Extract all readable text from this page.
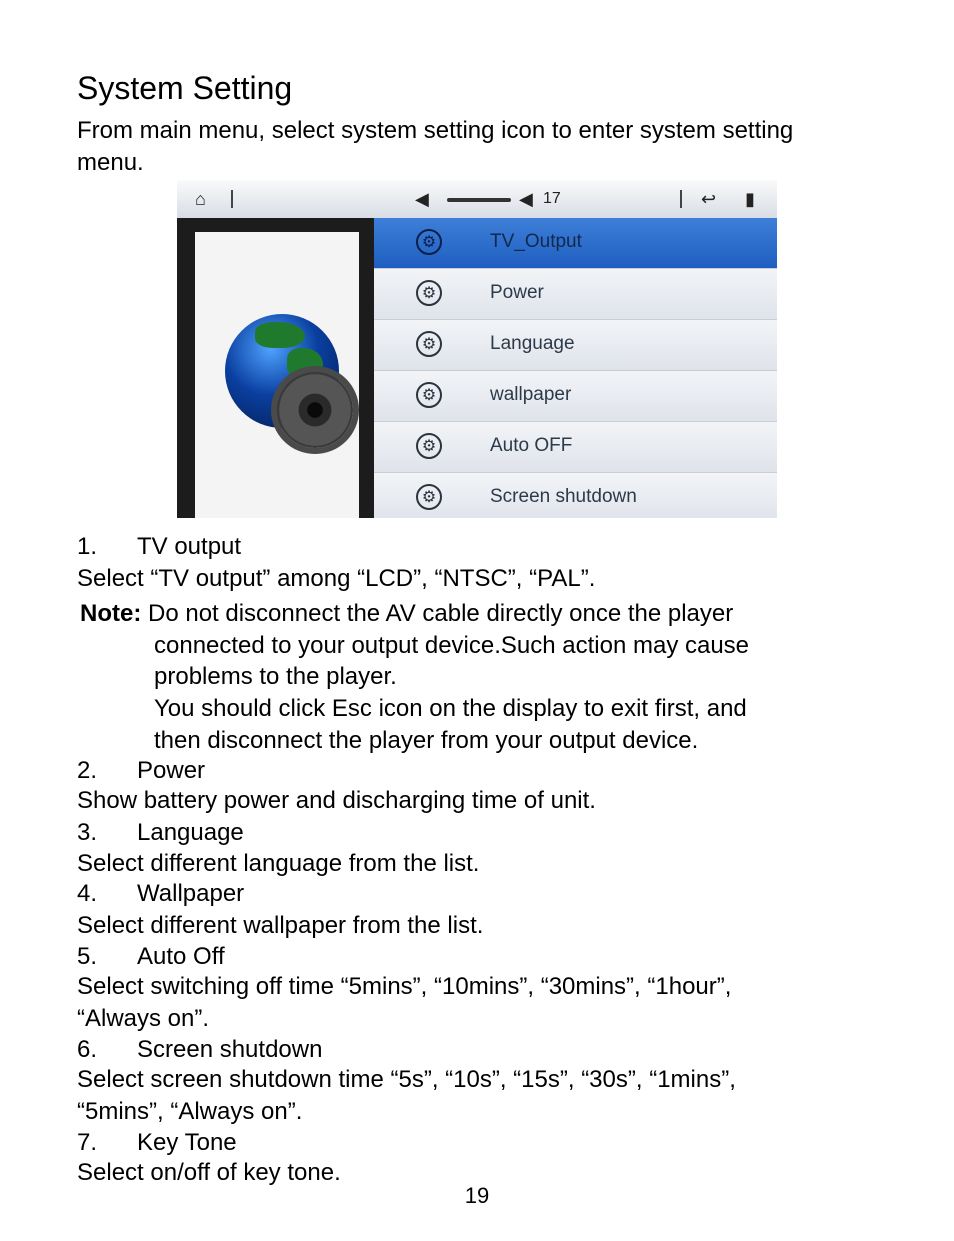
System Setting
From main menu, select system setting icon to enter system setting
menu.
⌂	◀	◀ 17	↩ ▮
⚙	TV_Output
⚙	Power
⚙	Language
⚙	wallpaper
⚙	Auto OFF
⚙	Screen shutdown
1. TV output
Select “TV output” among “LCD”, “NTSC”, “PAL”.
Note: Do not disconnect the AV cable directly once the player
connected to your output device.Such action may cause
problems to the player.
You should click Esc icon on the display to exit first, and
then disconnect the player from your output device.
2. Power
Show battery power and discharging time of unit.
3. Language
Select different language from the list.
4. Wallpaper
Select different wallpaper from the list.
5. Auto Off
Select switching off time “5mins”, “10mins”, “30mins”, “1hour”,
“Always on”.
6. Screen shutdown
Select screen shutdown time “5s”, “10s”, “15s”, “30s”, “1mins”,
“5mins”, “Always on”.
7. Key Tone
Select on/off of key tone.
19
